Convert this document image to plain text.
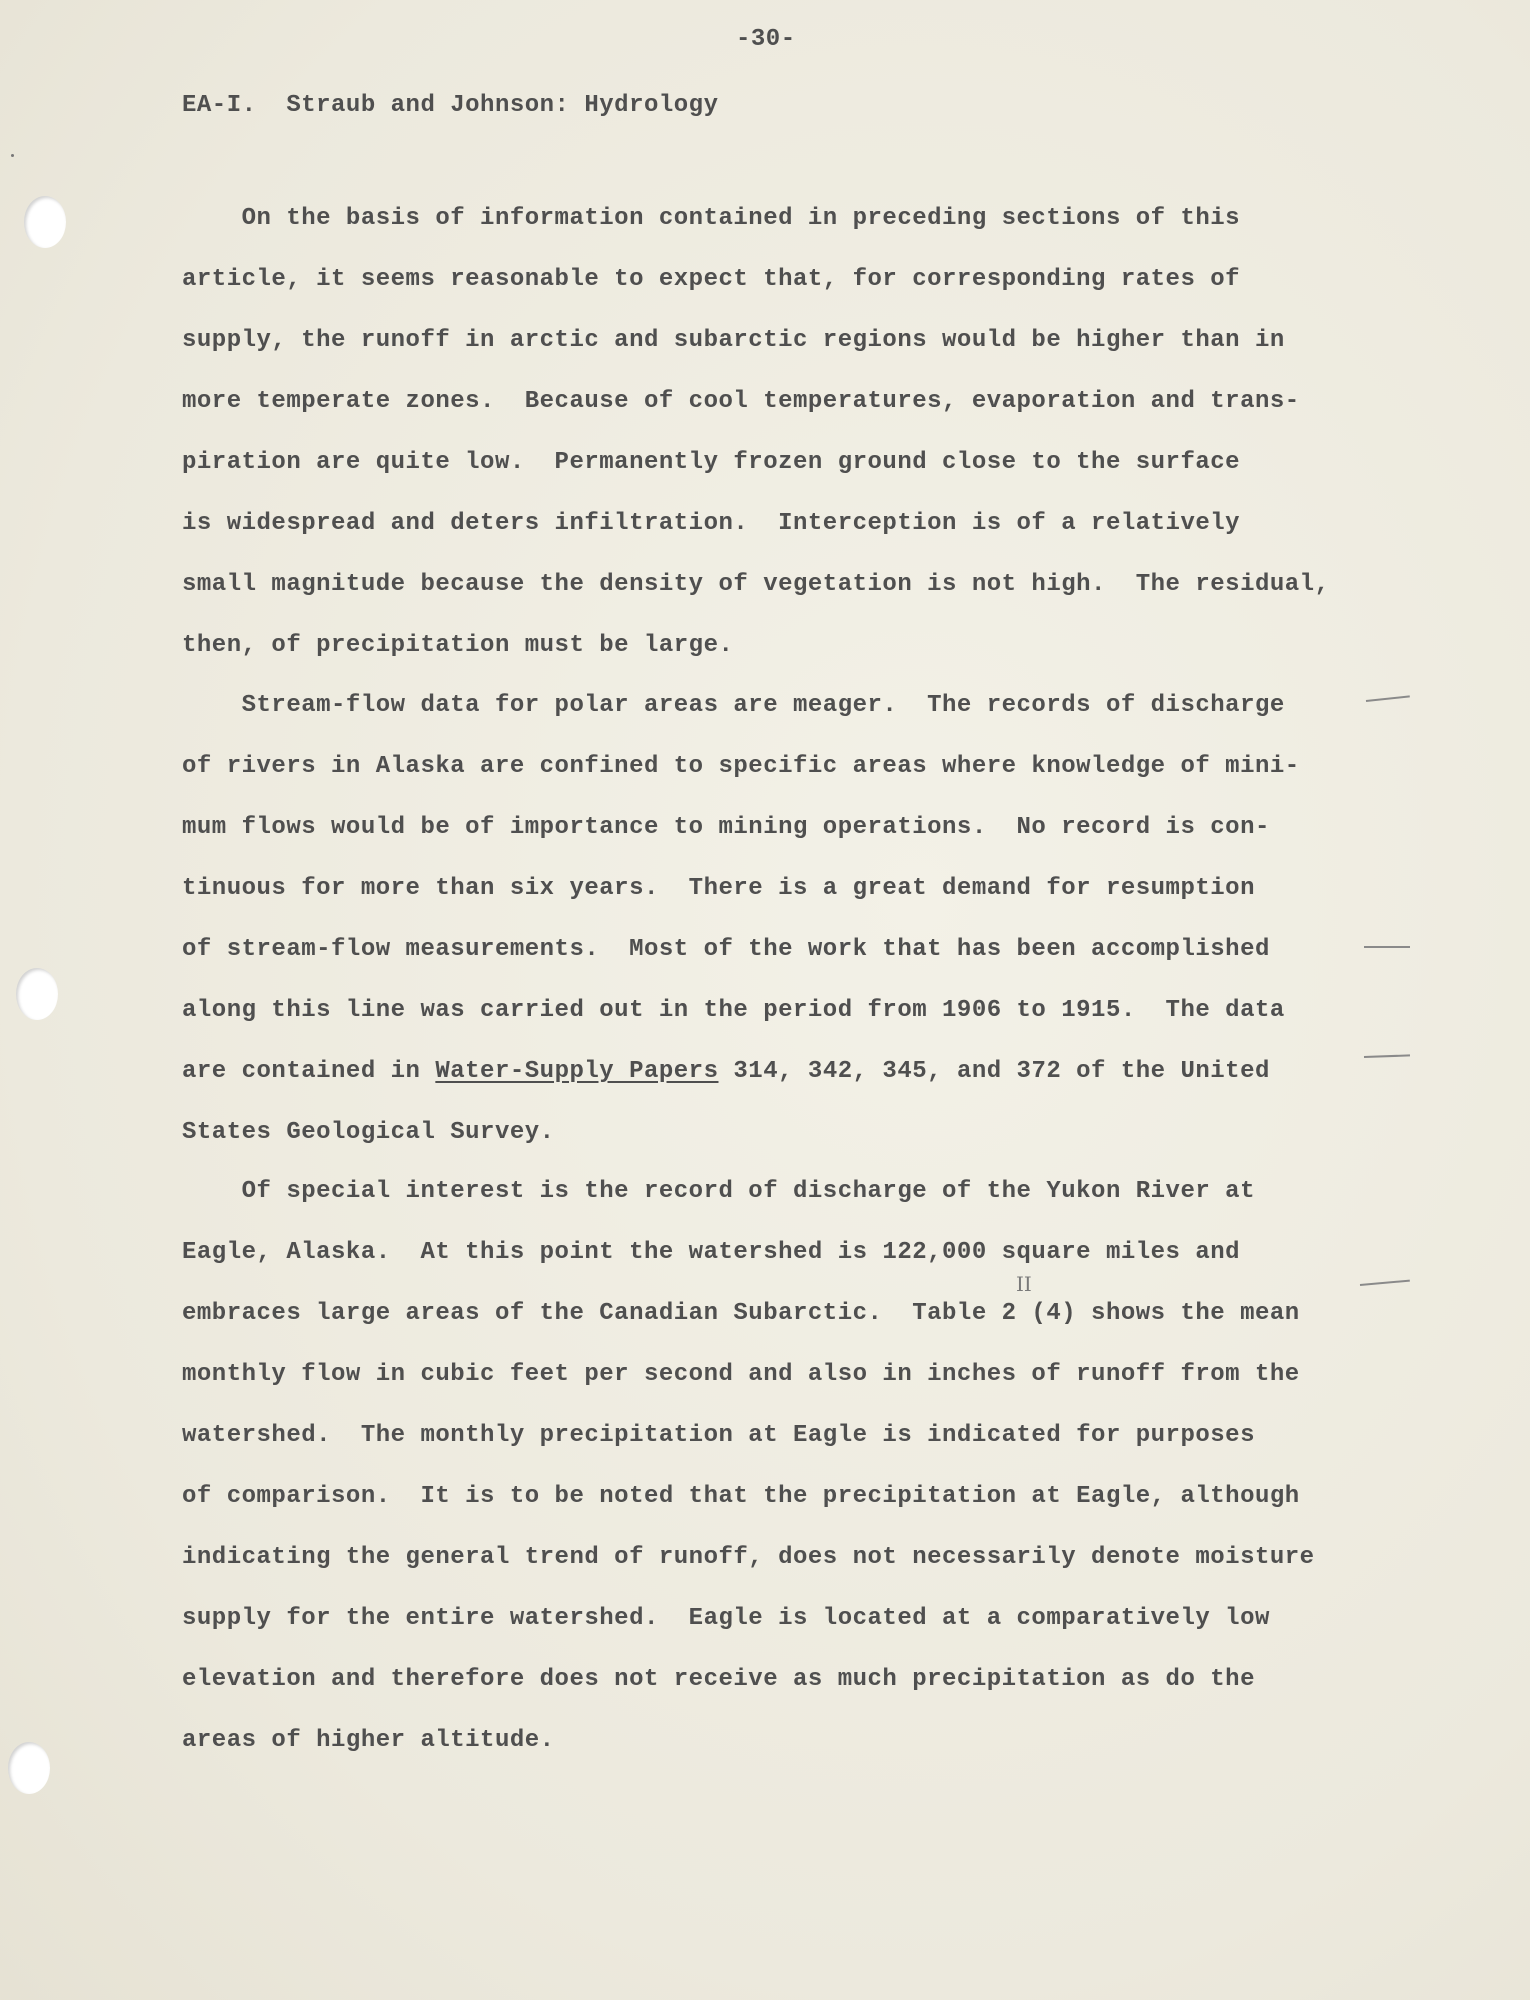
-30-
EA-I.  Straub and Johnson: Hydrology
On the basis of information contained in preceding sections of this
article, it seems reasonable to expect that, for corresponding rates of
supply, the runoff in arctic and subarctic regions would be higher than in
more temperate zones.  Because of cool temperatures, evaporation and trans-
piration are quite low.  Permanently frozen ground close to the surface
is widespread and deters infiltration.  Interception is of a relatively
small magnitude because the density of vegetation is not high.  The residual,
then, of precipitation must be large.
Stream-flow data for polar areas are meager.  The records of discharge
of rivers in Alaska are confined to specific areas where knowledge of mini-
mum flows would be of importance to mining operations.  No record is con-
tinuous for more than six years.  There is a great demand for resumption
of stream-flow measurements.  Most of the work that has been accomplished
along this line was carried out in the period from 1906 to 1915.  The data
are contained in Water-Supply Papers 314, 342, 345, and 372 of the United
States Geological Survey.
Of special interest is the record of discharge of the Yukon River at
Eagle, Alaska.  At this point the watershed is 122,000 square miles and
embraces large areas of the Canadian Subarctic.  Table 2 (4) shows the mean
monthly flow in cubic feet per second and also in inches of runoff from the
watershed.  The monthly precipitation at Eagle is indicated for purposes
of comparison.  It is to be noted that the precipitation at Eagle, although
indicating the general trend of runoff, does not necessarily denote moisture
supply for the entire watershed.  Eagle is located at a comparatively low
elevation and therefore does not receive as much precipitation as do the
areas of higher altitude.
II
